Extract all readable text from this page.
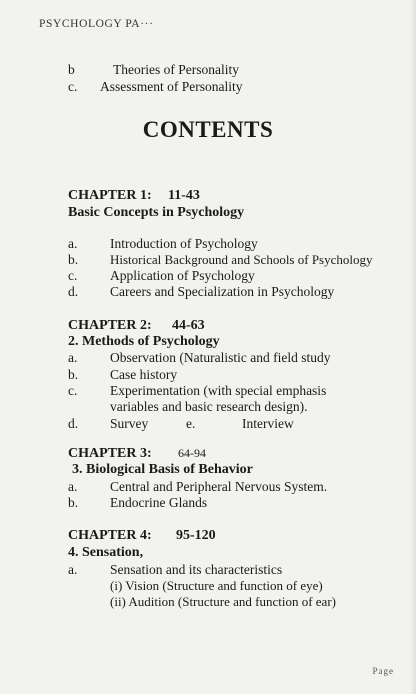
PSYCHOLOGY PA···
b	Theories of Personality
c. Assessment of Personality
CONTENTS
CHAPTER 1: 11-43
Basic Concepts in Psychology
a. Introduction of Psychology
b. Historical Background and Schools of Psychology
c. Application of Psychology
d. Careers and Specialization in Psychology
CHAPTER 2: 44-63
2. Methods of Psychology
a. Observation (Naturalistic and field study
b. Case history
c. Experimentation (with special emphasis
variables and basic research design).
d. Survey	e.	Interview
CHAPTER 3: 64-94
3. Biological Basis of Behavior
a. Central and Peripheral Nervous System.
b. Endocrine Glands
CHAPTER 4: 95-120
4. Sensation,
a. Sensation and its characteristics
(i) Vision (Structure and function of eye)
(ii) Audition (Structure and function of ear)
Page
